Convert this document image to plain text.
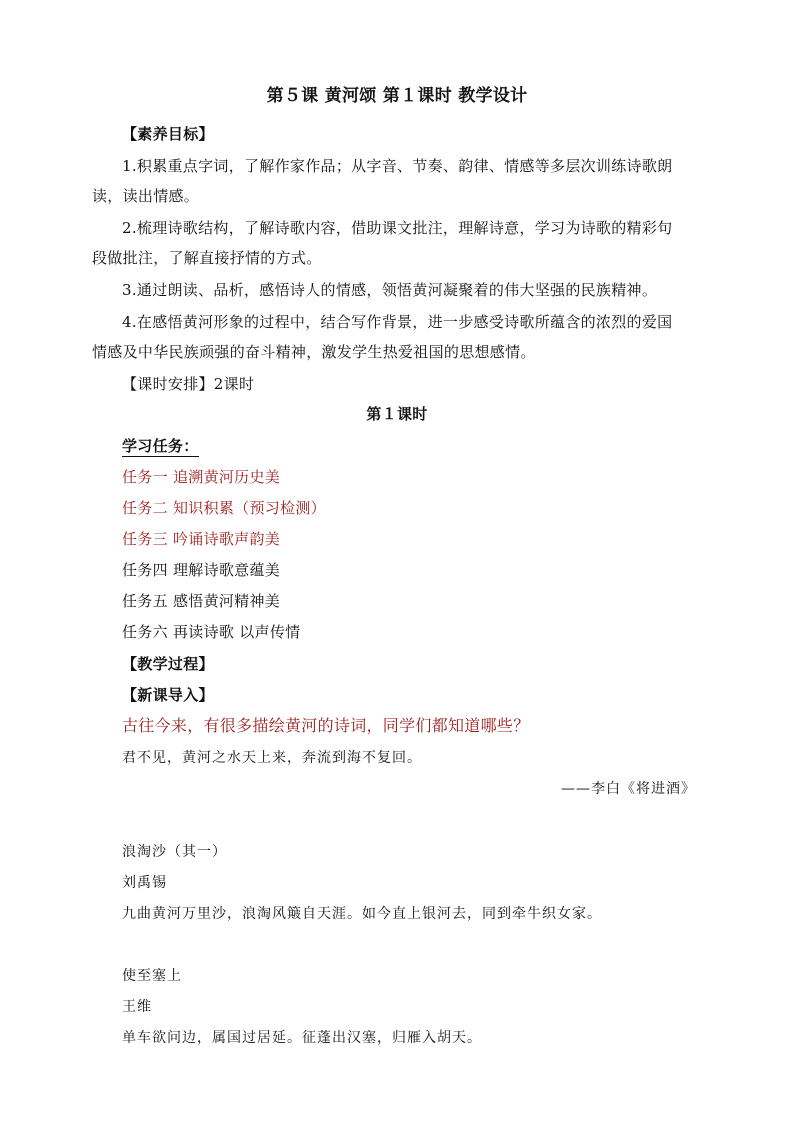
第５课 黄河颂 第１课时 教学设计
【素养目标】
1.积累重点字词，了解作家作品；从字音、节奏、韵律、情感等多层次训练诗歌朗
读，读出情感。
2.梳理诗歌结构，了解诗歌内容，借助课文批注，理解诗意，学习为诗歌的精彩句
段做批注，了解直接抒情的方式。
3.通过朗读、品析，感悟诗人的情感，领悟黄河凝聚着的伟大坚强的民族精神。
4.在感悟黄河形象的过程中，结合写作背景，进一步感受诗歌所蕴含的浓烈的爱国
情感及中华民族顽强的奋斗精神，激发学生热爱祖国的思想感情。
【课时安排】2课时
第１课时
学习任务：
任务一 追溯黄河历史美
任务二 知识积累（预习检测）
任务三 吟诵诗歌声韵美
任务四 理解诗歌意蕴美
任务五 感悟黄河精神美
任务六 再读诗歌 以声传情
【教学过程】
【新课导入】
古往今来，有很多描绘黄河的诗词，同学们都知道哪些？
君不见，黄河之水天上来，奔流到海不复回。
——李白《将进酒》
浪淘沙（其一）
刘禹锡
九曲黄河万里沙，浪淘风簸自天涯。如今直上银河去，同到牵牛织女家。
使至塞上
王维
单车欲问边，属国过居延。征蓬出汉塞，归雁入胡天。
